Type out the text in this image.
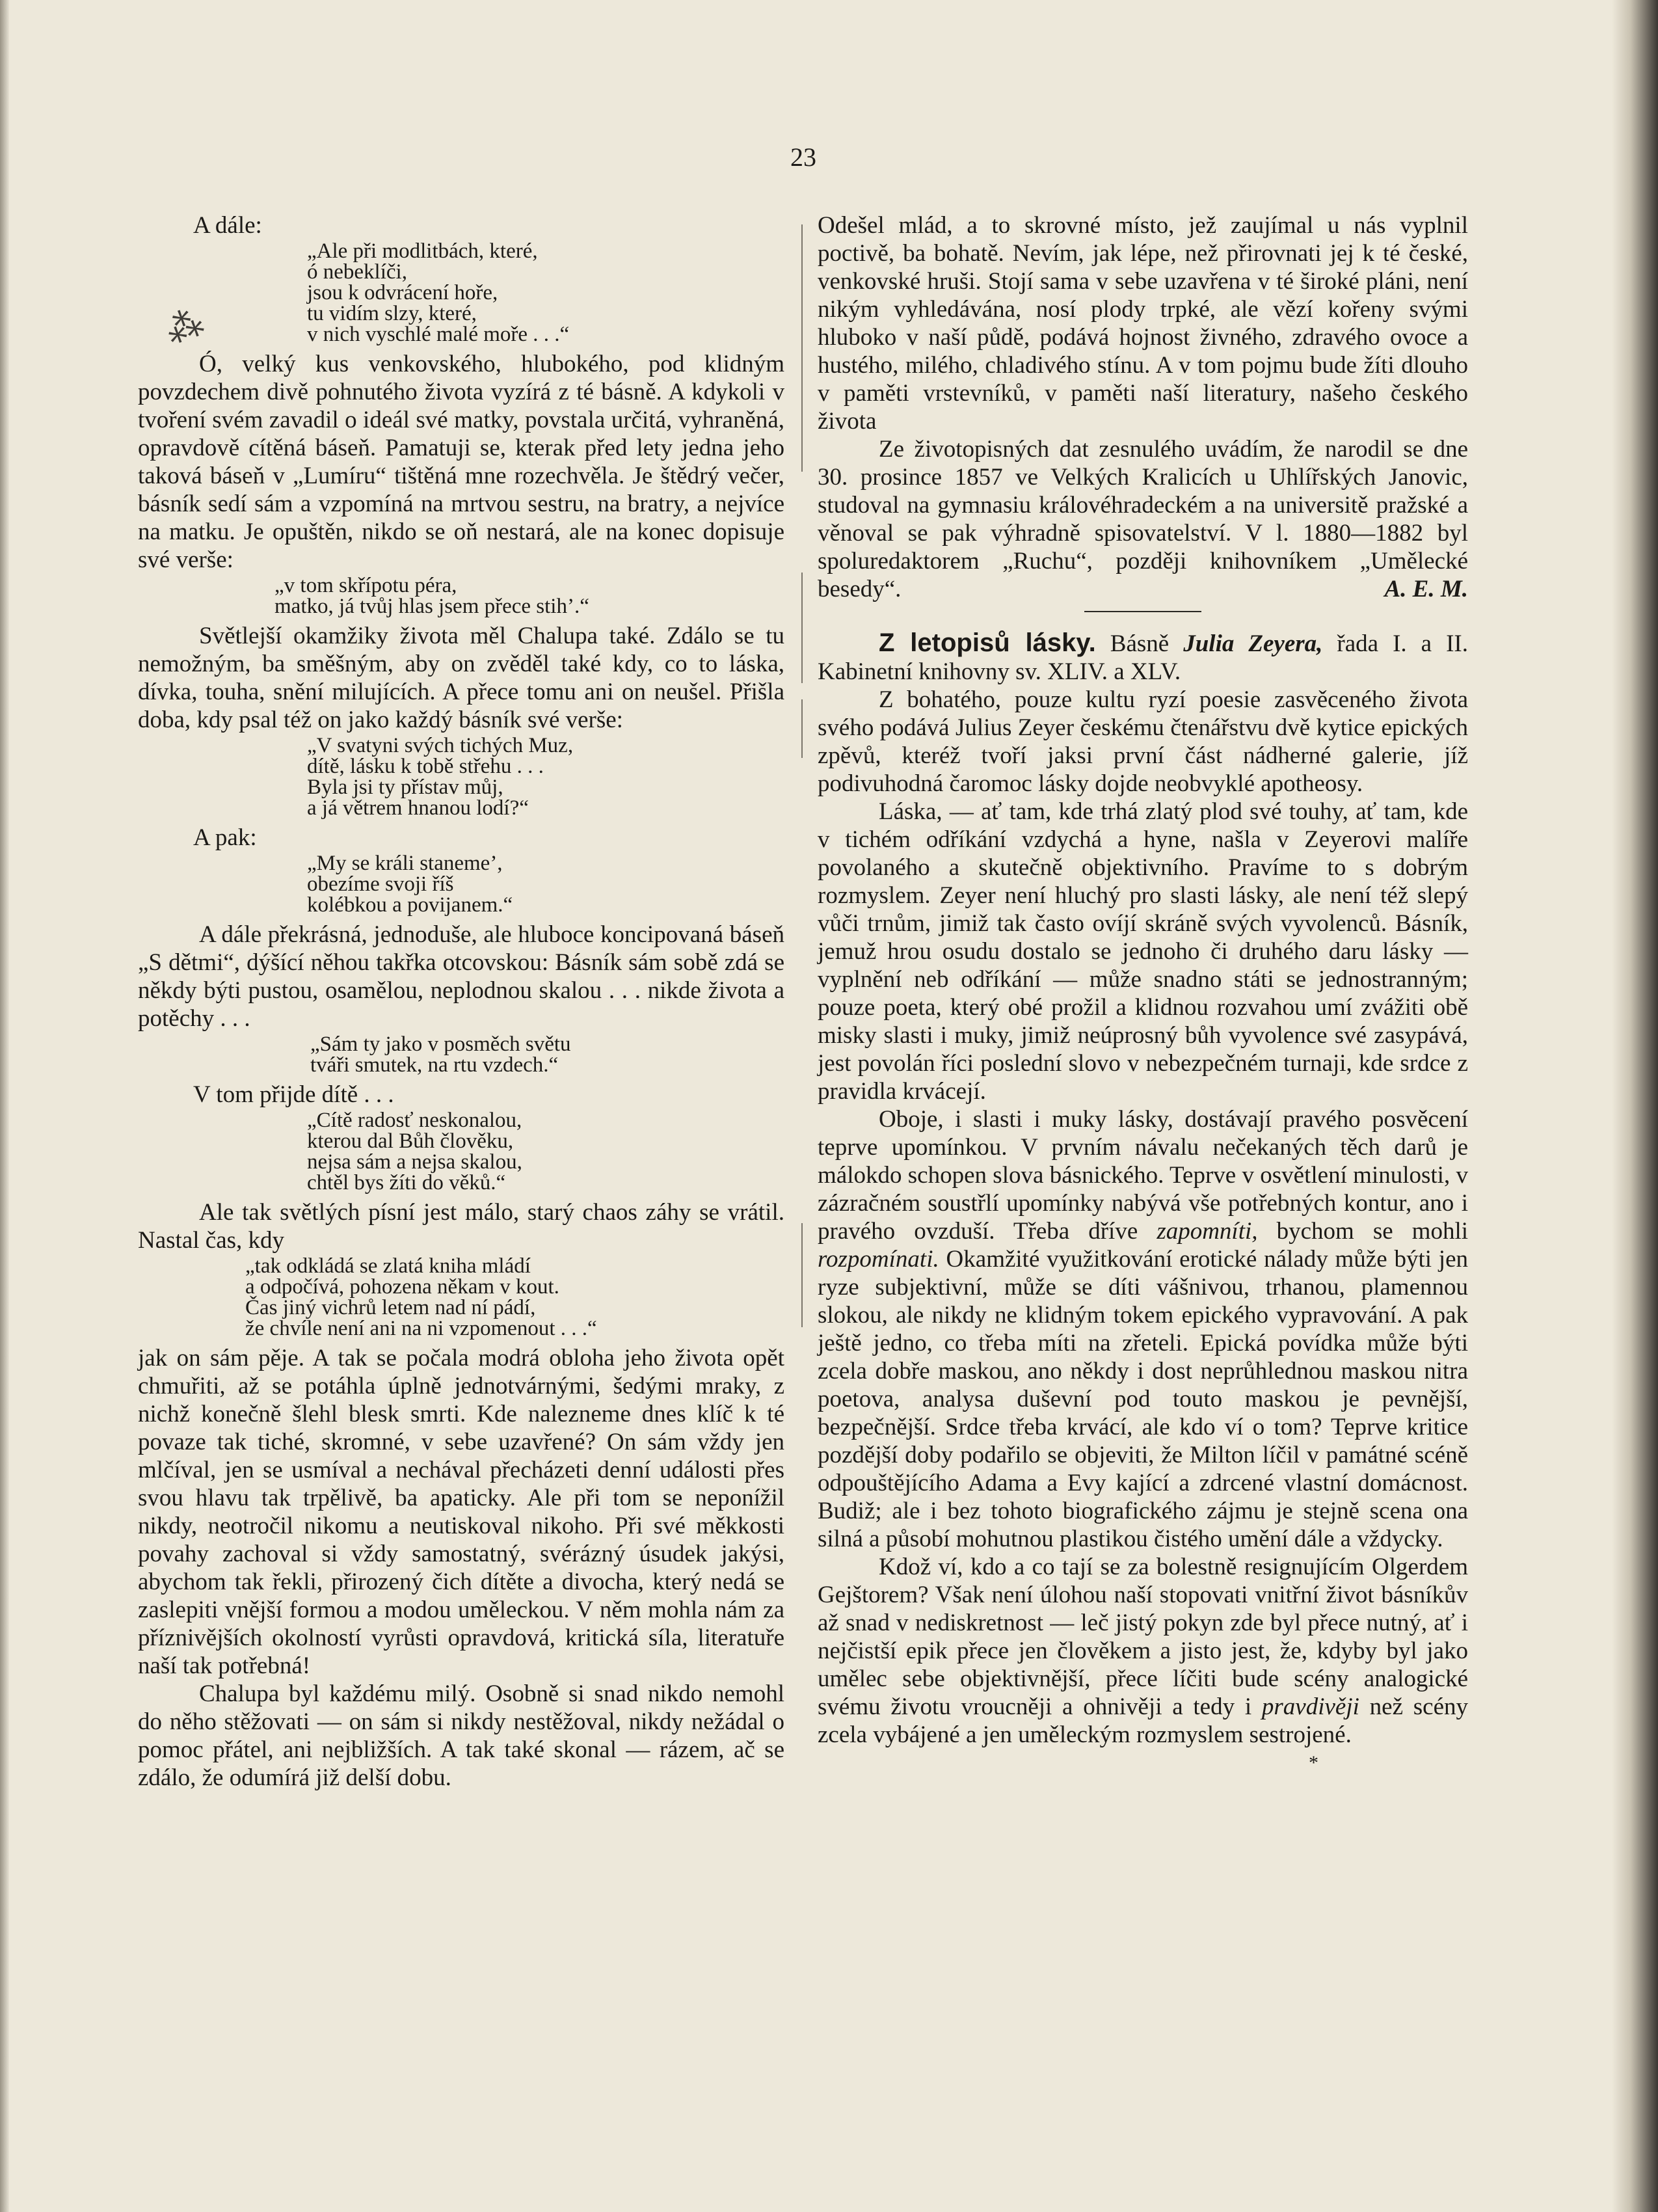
23
⁂

A dále:

„Ale při modlitbách, které,
ó nebeklíči,
jsou k odvrácení hoře,
tu vidím slzy, které,
v nich vyschlé malé moře . . .“

Ó, velký kus venkovského, hlubokého, pod klidným povzdechem divě pohnutého života vyzírá z té básně. A kdykoli v tvoření svém zavadil o ideál své matky, povstala určitá, vyhraněná, opravdově cítěná báseň. Pamatuji se, kterak před lety jedna jeho taková báseň v „Lumíru“ tištěná mne rozechvěla. Je štědrý večer, básník sedí sám a vzpomíná na mrtvou sestru, na bratry, a nejvíce na matku. Je opuštěn, nikdo se oň nestará, ale na konec dopisuje své verše:

„v tom skřípotu péra,
matko, já tvůj hlas jsem přece stih’.“

Světlejší okamžiky života měl Chalupa také. Zdálo se tu nemožným, ba směšným, aby on zvěděl také kdy, co to láska, dívka, touha, snění milujících. A přece tomu ani on neušel. Přišla doba, kdy psal též on jako každý básník své verše:

„V svatyni svých tichých Muz,
dítě, lásku k tobě střehu . . .
Byla jsi ty přístav můj,
a já větrem hnanou lodí?“

A pak:

„My se králi staneme’,
obezíme svoji říš
kolébkou a povijanem.“

A dále překrásná, jednoduše, ale hluboce koncipovaná báseň „S dětmi“, dýšící něhou takřka otcovskou: Básník sám sobě zdá se někdy býti pustou, osamělou, neplodnou skalou . . . nikde života a potěchy . . .

„Sám ty jako v posměch světu
tváři smutek, na rtu vzdech.“

V tom přijde dítě . . .

„Cítě radosť neskonalou,
kterou dal Bůh člověku,
nejsa sám a nejsa skalou,
chtěl bys žíti do věků.“

Ale tak světlých písní jest málo, starý chaos záhy se vrátil. Nastal čas, kdy

„tak odkládá se zlatá kniha mládí
a odpočívá, pohozena někam v kout.
Čas jiný vichrů letem nad ní pádí,
že chvíle není ani na ni vzpomenout . . .“

jak on sám pěje. A tak se počala modrá obloha jeho života opět chmuřiti, až se potáhla úplně jednotvárnými, šedými mraky, z nichž konečně šlehl blesk smrti. Kde nalezneme dnes klíč k té povaze tak tiché, skromné, v sebe uzavřené? On sám vždy jen mlčíval, jen se usmíval a nechával přecházeti denní události přes svou hlavu tak trpělivě, ba apaticky. Ale při tom se neponížil nikdy, neotročil nikomu a neutiskoval nikoho. Při své měkkosti povahy zachoval si vždy samostatný, svérázný úsudek jakýsi, abychom tak řekli, přirozený čich dítěte a divocha, který nedá se zaslepiti vnější formou a modou uměleckou. V něm mohla nám za příznivějších okolností vyrůsti opravdová, kritická síla, literatuře naší tak potřebná!

Chalupa byl každému milý. Osobně si snad nikdo nemohl do něho stěžovati — on sám si nikdy nestěžoval, nikdy nežádal o pomoc přátel, ani nejbližších. A tak také skonal — rázem, ač se zdálo, že odumírá již delší dobu.

Odešel mlád, a to skrovné místo, jež zaujímal u nás vyplnil poctivě, ba bohatě. Nevím, jak lépe, než přirovnati jej k té české, venkovské hruši. Stojí sama v sebe uzavřena v té široké pláni, není nikým vyhledávána, nosí plody trpké, ale vězí kořeny svými hluboko v naší půdě, podává hojnost živného, zdravého ovoce a hustého, milého, chladivého stínu. A v tom pojmu bude žíti dlouho v paměti vrstevníků, v paměti naší literatury, našeho českého života

Ze životopisných dat zesnulého uvádím, že narodil se dne 30. prosince 1857 ve Velkých Kralicích u Uhlířských Janovic, studoval na gymnasiu královéhradeckém a na universitě pražské a věnoval se pak výhradně spisovatelství. V l. 1880—1882 byl spoluredaktorem „Ruchu“, později knihovníkem „Umělecké besedy“.	A. E. M.

Z letopisů lásky. Básně Julia Zeyera, řada I. a II. Kabinetní knihovny sv. XLIV. a XLV.

Z bohatého, pouze kultu ryzí poesie zasvěceného života svého podává Julius Zeyer českému čtenářstvu dvě kytice epických zpěvů, kteréž tvoří jaksi první část nádherné galerie, jíž podivuhodná čaromoc lásky dojde neobvyklé apotheosy.

Láska, — ať tam, kde trhá zlatý plod své touhy, ať tam, kde v tichém odříkání vzdychá a hyne, našla v Zeyerovi malíře povolaného a skutečně objektivního. Pravíme to s dobrým rozmyslem. Zeyer není hluchý pro slasti lásky, ale není též slepý vůči trnům, jimiž tak často ovíjí skráně svých vyvolenců. Básník, jemuž hrou osudu dostalo se jednoho či druhého daru lásky — vyplnění neb odříkání — může snadno státi se jednostranným; pouze poeta, který obé prožil a klidnou rozvahou umí zvážiti obě misky slasti i muky, jimiž neúprosný bůh vyvolence své zasypává, jest povolán říci poslední slovo v nebezpečném turnaji, kde srdce z pravidla krvácejí.

Oboje, i slasti i muky lásky, dostávají pravého posvěcení teprve upomínkou. V prvním návalu nečekaných těch darů je málokdo schopen slova básnického. Teprve v osvětlení minulosti, v zázračném soustřlí upomínky nabývá vše potřebných kontur, ano i pravého ovzduší. Třeba dříve zapomníti, bychom se mohli rozpomínati. Okamžité využitkování erotické nálady může býti jen ryze subjektivní, může se díti vášnivou, trhanou, plamennou slokou, ale nikdy ne klidným tokem epického vypravování. A pak ještě jedno, co třeba míti na zřeteli. Epická povídka může býti zcela dobře maskou, ano někdy i dost neprůhlednou maskou nitra poetova, analysa duševní pod touto maskou je pevnější, bezpečnější. Srdce třeba krvácí, ale kdo ví o tom? Teprve kritice pozdější doby podařilo se objeviti, že Milton líčil v památné scéně odpouštějícího Adama a Evy kající a zdrcené vlastní domácnost. Budiž; ale i bez tohoto biografického zájmu je stejně scena ona silná a působí mohutnou plastikou čistého umění dále a vždycky.

Kdož ví, kdo a co tají se za bolestně resignujícím Olgerdem Gejštorem? Však není úlohou naší stopovati vnitřní život básníkův až snad v nediskretnost — leč jistý pokyn zde byl přece nutný, ať i nejčistší epik přece jen člověkem a jisto jest, že, kdyby byl jako umělec sebe objektivnější, přece líčiti bude scény analogické svému životu vroucněji a ohnivěji a tedy i pravdivěji než scény zcela vybájené a jen uměleckým rozmyslem sestrojené.

*
